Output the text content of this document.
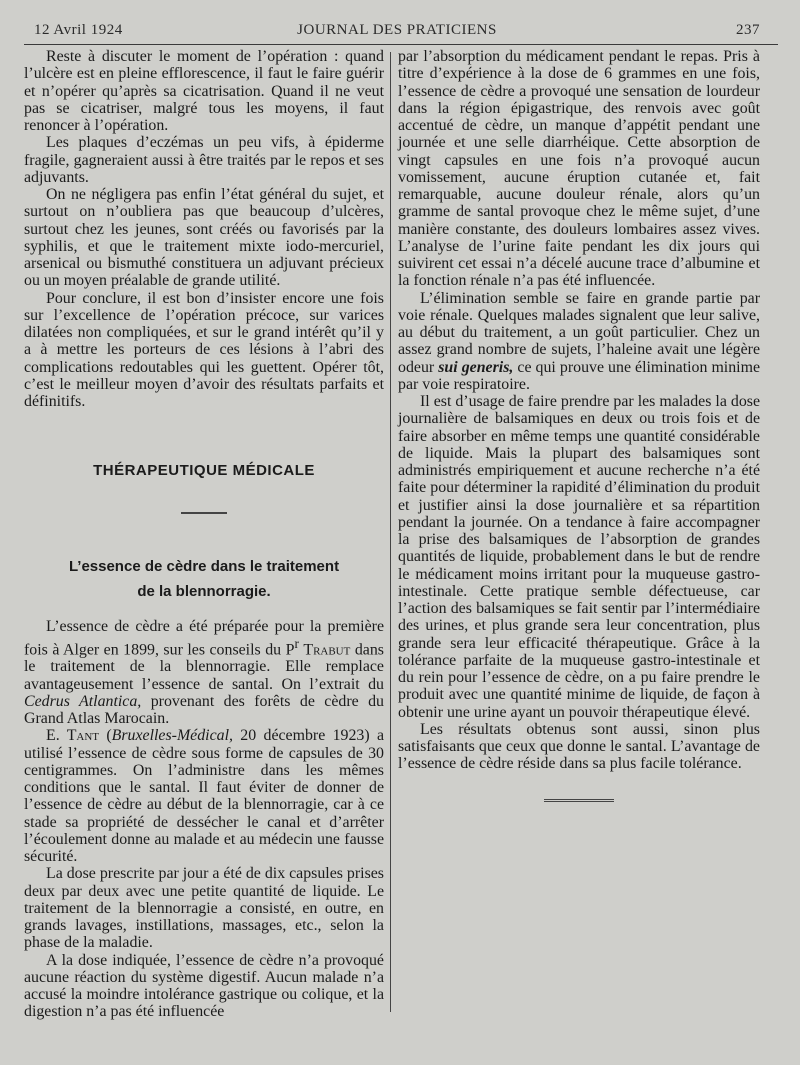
12 Avril 1924	JOURNAL DES PRATICIENS	237

Reste à discuter le moment de l’opération : quand l’ulcère est en pleine efflorescence, il faut le faire guérir et n’opérer qu’après sa cicatrisation. Quand il ne veut pas se cicatriser, malgré tous les moyens, il faut renoncer à l’opération.

Les plaques d’eczémas un peu vifs, à épiderme fragile, gagneraient aussi à être traités par le repos et ses adjuvants.

On ne négligera pas enfin l’état général du sujet, et surtout on n’oubliera pas que beaucoup d’ulcères, surtout chez les jeunes, sont créés ou favorisés par la syphilis, et que le traitement mixte iodo-mercuriel, arsenical ou bismuthé constituera un adjuvant précieux ou un moyen préalable de grande utilité.

Pour conclure, il est bon d’insister encore une fois sur l’excellence de l’opération précoce, sur varices dilatées non compliquées, et sur le grand intérêt qu’il y a à mettre les porteurs de ces lésions à l’abri des complications redoutables qui les guettent. Opérer tôt, c’est le meilleur moyen d’avoir des résultats parfaits et définitifs.

THÉRAPEUTIQUE MÉDICALE
L’essence de cèdre dans le traitement
de la blennorragie.

L’essence de cèdre a été préparée pour la première fois à Alger en 1899, sur les conseils du $P^r$ Trabut dans le traitement de la blennorragie. Elle remplace avantageusement l’essence de santal. On l’extrait du Cedrus Atlantica, provenant des forêts de cèdre du Grand Atlas Marocain.

E. Tant (Bruxelles-Médical, 20 décembre 1923) a utilisé l’essence de cèdre sous forme de capsules de 30 centigrammes. On l’administre dans les mêmes conditions que le santal. Il faut éviter de donner de l’essence de cèdre au début de la blennorragie, car à ce stade sa propriété de dessécher le canal et d’arrêter l’écoulement donne au malade et au médecin une fausse sécurité.

La dose prescrite par jour a été de dix capsules prises deux par deux avec une petite quantité de liquide. Le traitement de la blennorragie a consisté, en outre, en grands lavages, instillations, massages, etc., selon la phase de la maladie.

A la dose indiquée, l’essence de cèdre n’a provoqué aucune réaction du système digestif. Aucun malade n’a accusé la moindre intolérance gastrique ou colique, et la digestion n’a pas été influencée

par l’absorption du médicament pendant le repas. Pris à titre d’expérience à la dose de 6 grammes en une fois, l’essence de cèdre a provoqué une sensation de lourdeur dans la région épigastrique, des renvois avec goût accentué de cèdre, un manque d’appétit pendant une journée et une selle diarrhéique. Cette absorption de vingt capsules en une fois n’a provoqué aucun vomissement, aucune éruption cutanée et, fait remarquable, aucune douleur rénale, alors qu’un gramme de santal provoque chez le même sujet, d’une manière constante, des douleurs lombaires assez vives. L’analyse de l’urine faite pendant les dix jours qui suivirent cet essai n’a décelé aucune trace d’albumine et la fonction rénale n’a pas été influencée.

L’élimination semble se faire en grande partie par voie rénale. Quelques malades signalent que leur salive, au début du traitement, a un goût particulier. Chez un assez grand nombre de sujets, l’haleine avait une légère odeur sui generis, ce qui prouve une élimination minime par voie respiratoire.

Il est d’usage de faire prendre par les malades la dose journalière de balsamiques en deux ou trois fois et de faire absorber en même temps une quantité considérable de liquide. Mais la plupart des balsamiques sont administrés empiriquement et aucune recherche n’a été faite pour déterminer la rapidité d’élimination du produit et justifier ainsi la dose journalière et sa répartition pendant la journée. On a tendance à faire accompagner la prise des balsamiques de l’absorption de grandes quantités de liquide, probablement dans le but de rendre le médicament moins irritant pour la muqueuse gastro-intestinale. Cette pratique semble défectueuse, car l’action des balsamiques se fait sentir par l’intermédiaire des urines, et plus grande sera leur concentration, plus grande sera leur efficacité thérapeutique. Grâce à la tolérance parfaite de la muqueuse gastro-intestinale et du rein pour l’essence de cèdre, on a pu faire prendre le produit avec une quantité minime de liquide, de façon à obtenir une urine ayant un pouvoir thérapeutique élevé.

Les résultats obtenus sont aussi, sinon plus satisfaisants que ceux que donne le santal. L’avantage de l’essence de cèdre réside dans sa plus facile tolérance.
